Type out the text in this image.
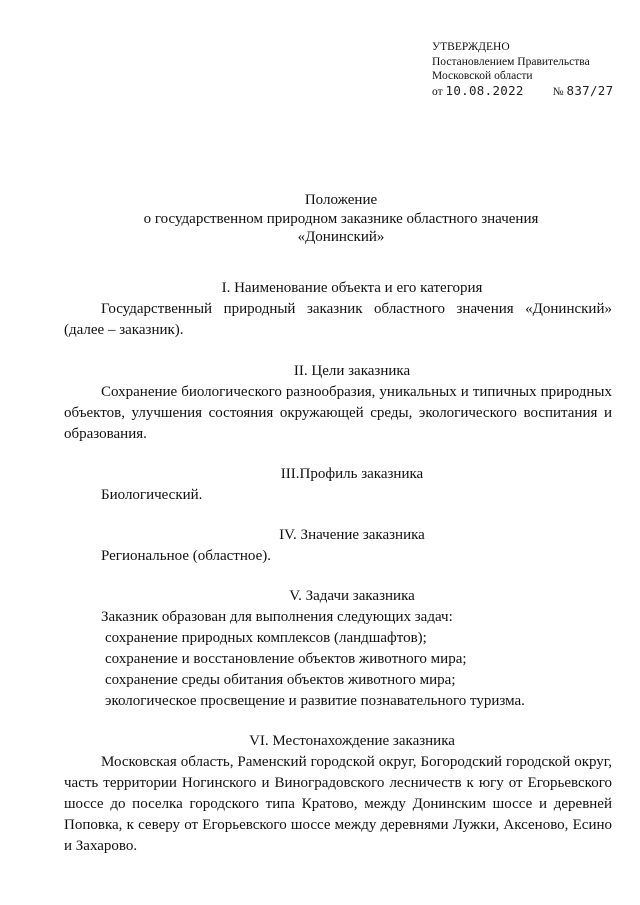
УТВЕРЖДЕНО
Постановлением Правительства
Московской области
от 10.08.2022	№ 837/27
Положение
о государственном природном заказнике областного значения
«Донинский»

I. Наименование объекта и его категория

Государственный природный заказник областного значения «Донинский» (далее – заказник).

II. Цели заказника

Сохранение биологического разнообразия, уникальных и типичных природных объектов, улучшения состояния окружающей среды, экологического воспитания и образования.

III.Профиль заказника

Биологический.

IV. Значение заказника

Региональное (областное).

V. Задачи заказника

Заказник образован для выполнения следующих задач:

сохранение природных комплексов (ландшафтов);

сохранение и восстановление объектов животного мира;

сохранение среды обитания объектов животного мира;

экологическое просвещение и развитие познавательного туризма.

VI. Местонахождение заказника

Московская область, Раменский городской округ, Богородский городской округ, часть территории Ногинского и Виноградовского лесничеств к югу от Егорьевского шоссе до поселка городского типа Кратово, между Донинским шоссе и деревней Поповка, к северу от Егорьевского шоссе между деревнями Лужки, Аксеново, Есино и Захарово.
